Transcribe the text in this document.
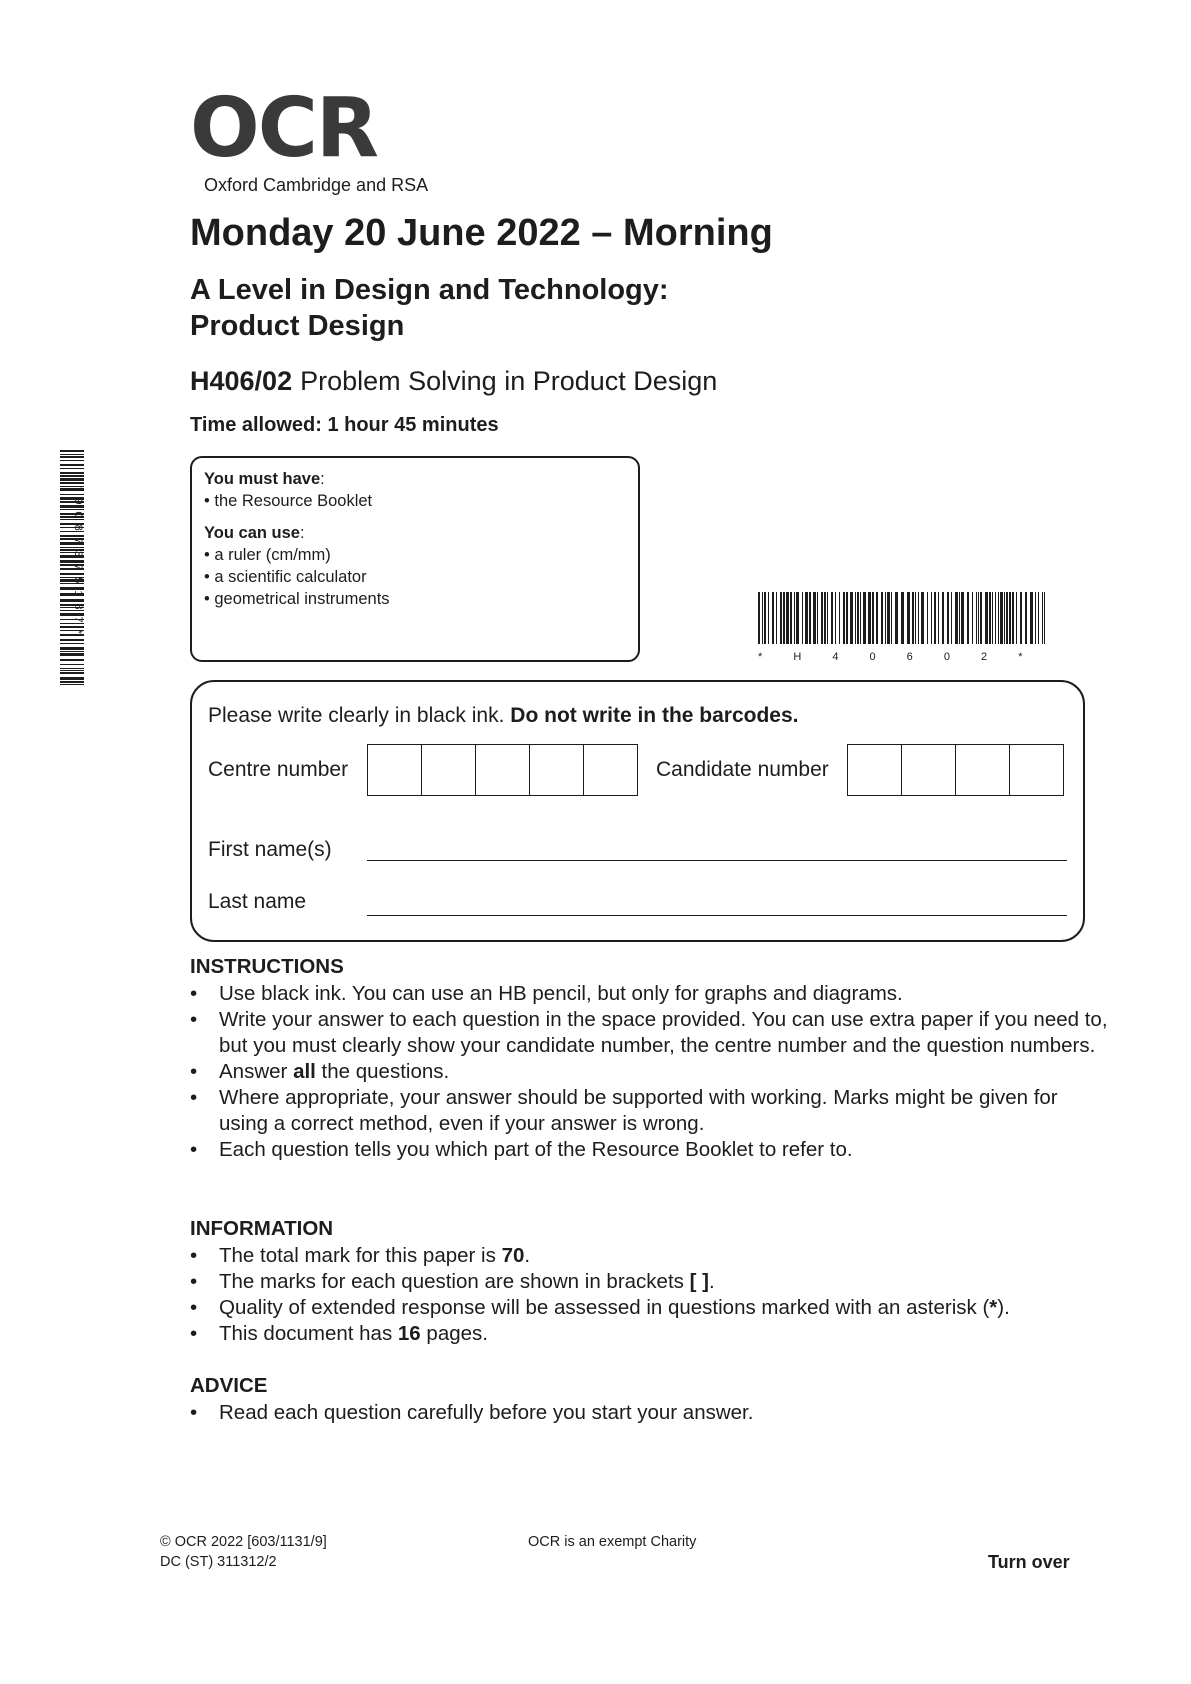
OCR
Oxford Cambridge and RSA
Monday 20 June 2022 – Morning
A Level in Design and Technology:
Product Design
H406/02 Problem Solving in Product Design
Time allowed: 1 hour 45 minutes
*9087375187*
You must have:
• the Resource Booklet
You can use:
• a ruler (cm/mm)
• a scientific calculator
• geometrical instruments
* H 4 0 6 0 2 *
Please write clearly in black ink. Do not write in the barcodes.
Centre number	Candidate number
First name(s)
Last name
INSTRUCTIONS
• Use black ink. You can use an HB pencil, but only for graphs and diagrams.
• Write your answer to each question in the space provided. You can use extra paper if you need to, but you must clearly show your candidate number, the centre number and the question numbers.
• Answer all the questions.
• Where appropriate, your answer should be supported with working. Marks might be given for using a correct method, even if your answer is wrong.
• Each question tells you which part of the Resource Booklet to refer to.
INFORMATION
• The total mark for this paper is 70.
• The marks for each question are shown in brackets [ ].
• Quality of extended response will be assessed in questions marked with an asterisk (*).
• This document has 16 pages.
ADVICE
• Read each question carefully before you start your answer.
© OCR 2022 [603/1131/9]
DC (ST) 311312/2
OCR is an exempt Charity
Turn over
